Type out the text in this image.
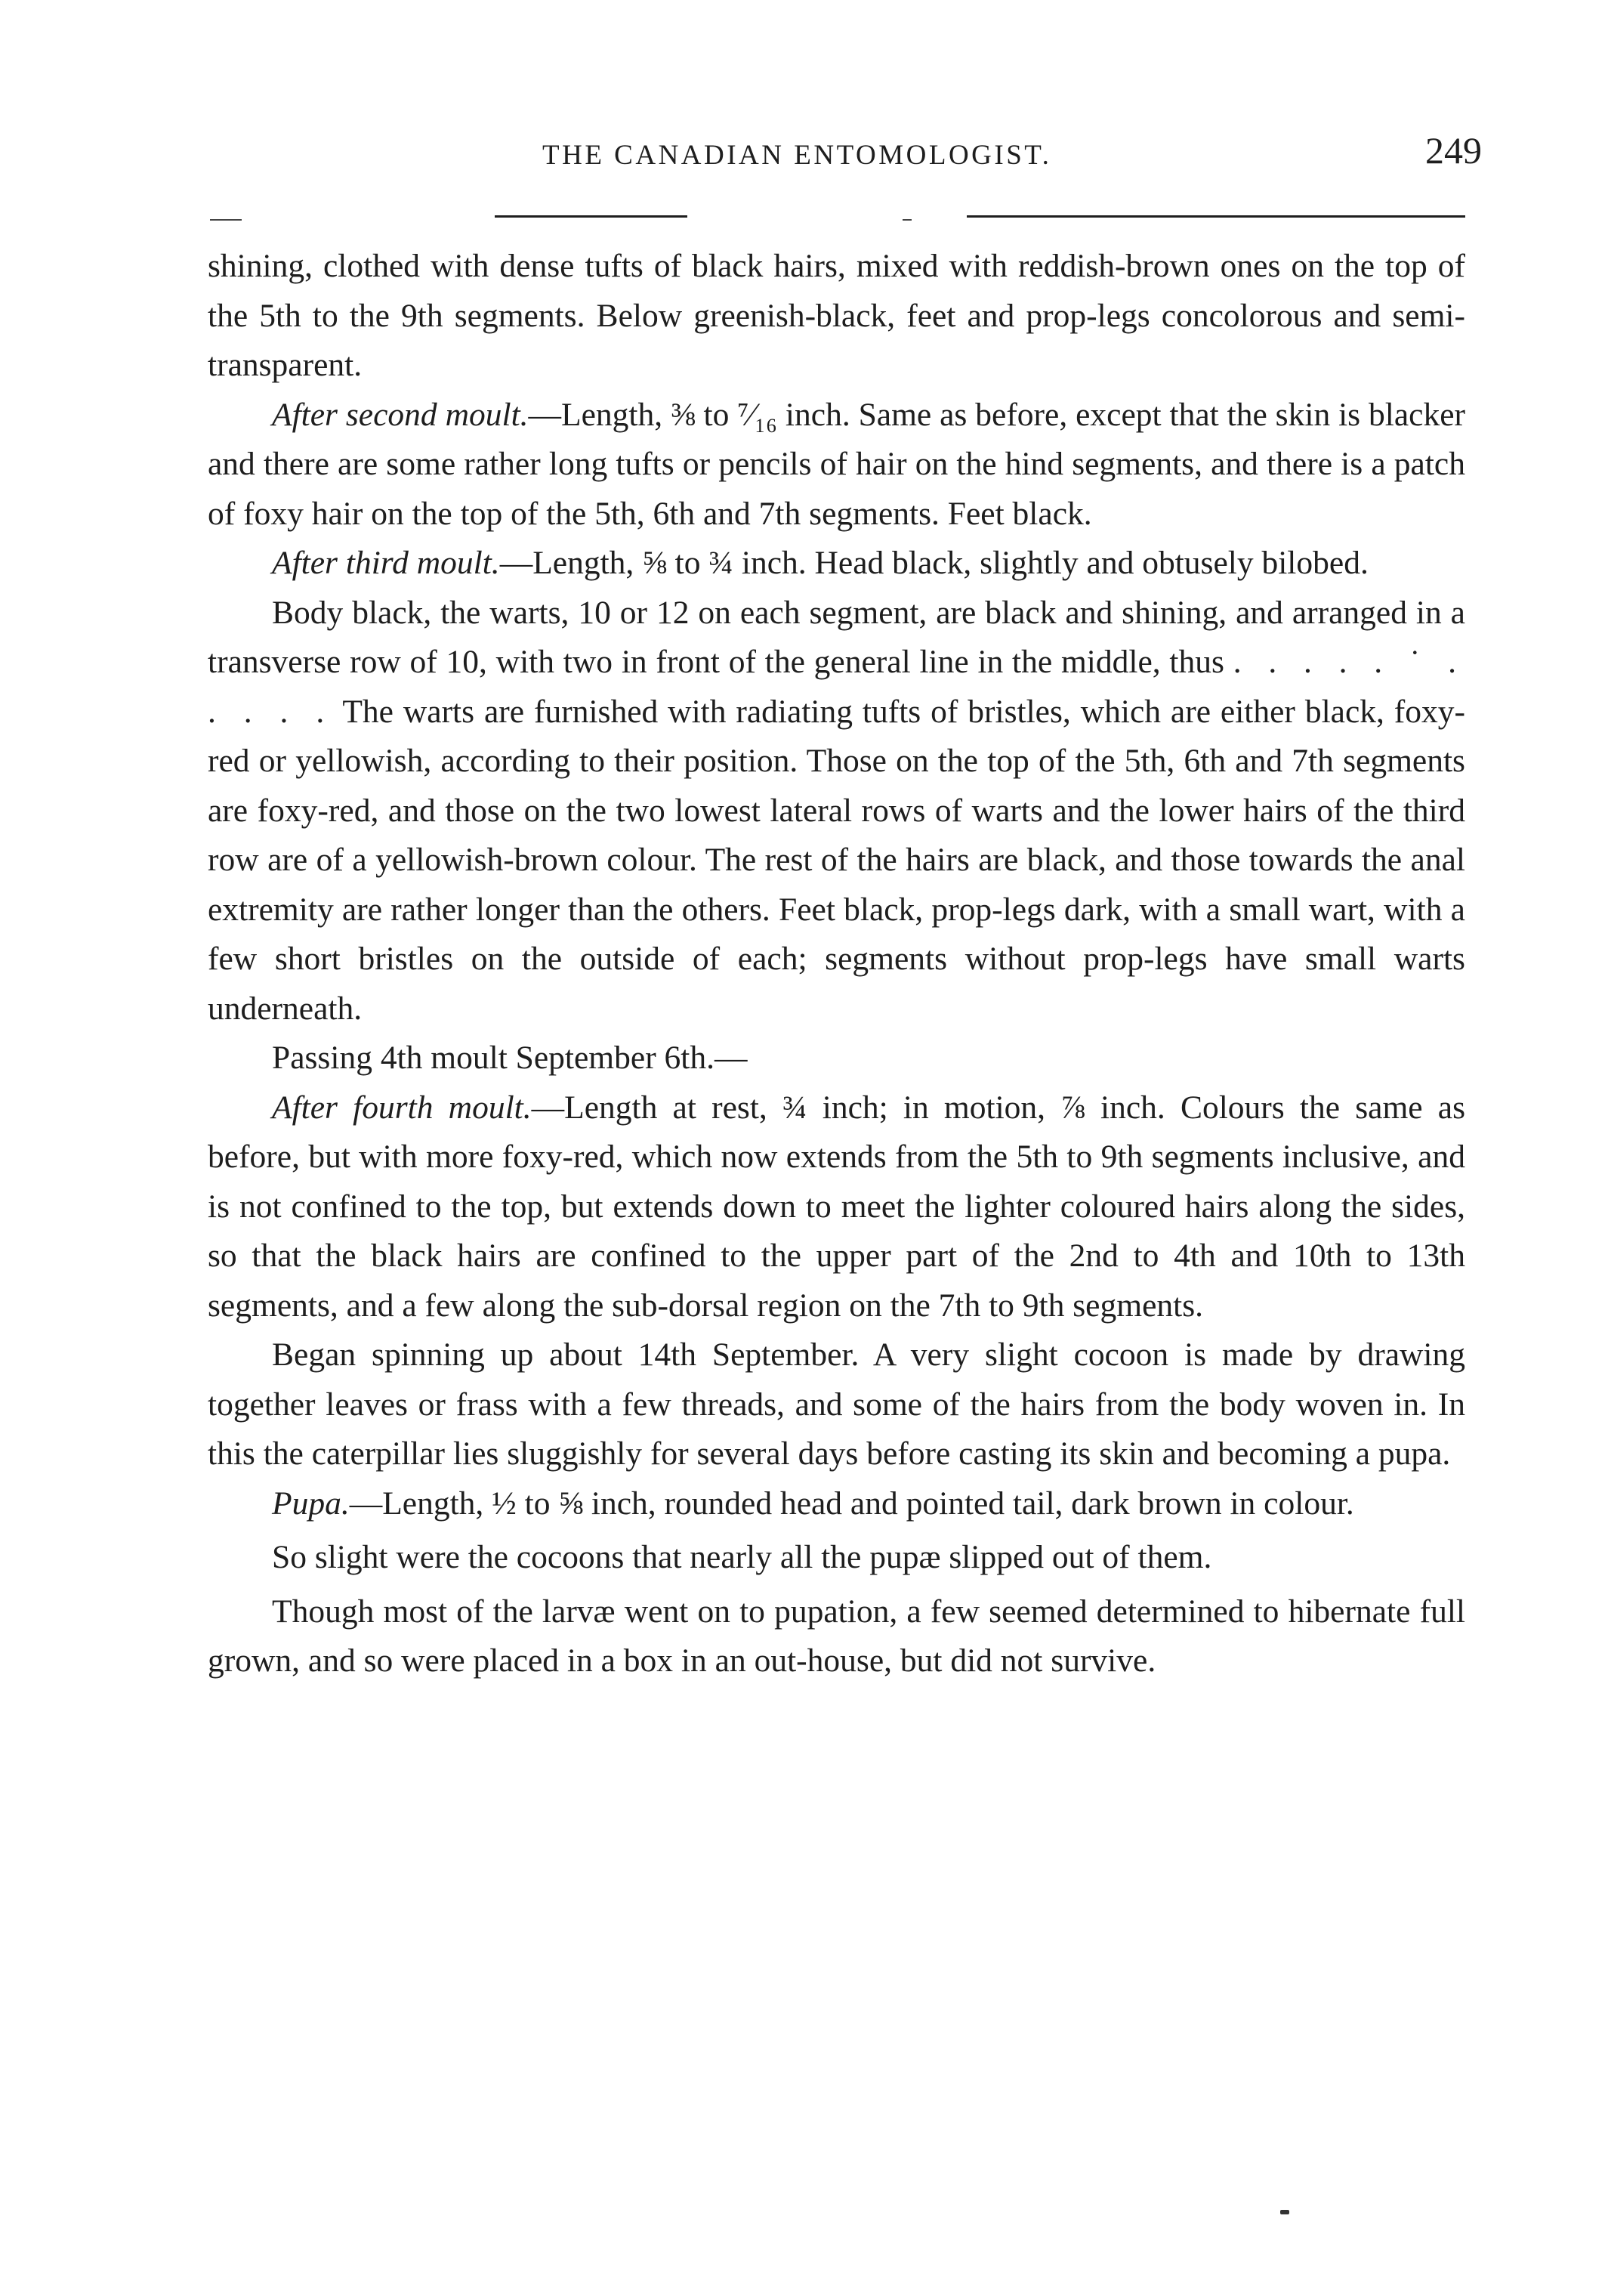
THE CANADIAN ENTOMOLOGIST.	249

shining, clothed with dense tufts of black hairs, mixed with reddish-brown ones on the top of the 5th to the 9th segments. Below greenish-black, feet and prop-legs concolorous and semi-transparent.

After second moult.—Length, ⅜ to ⁷⁄₁₆ inch. Same as before, except that the skin is blacker and there are some rather long tufts or pencils of hair on the hind segments, and there is a patch of foxy hair on the top of the 5th, 6th and 7th segments. Feet black.

After third moult.—Length, ⅝ to ¾ inch. Head black, slightly and obtusely bilobed.

Body black, the warts, 10 or 12 on each segment, are black and shining, and arranged in a transverse row of 10, with two in front of the general line in the middle, thus . . . . . ˙ . . . . . The warts are furnished with radiating tufts of bristles, which are either black, foxy-red or yellowish, according to their position. Those on the top of the 5th, 6th and 7th segments are foxy-red, and those on the two lowest lateral rows of warts and the lower hairs of the third row are of a yellowish-brown colour. The rest of the hairs are black, and those towards the anal extremity are rather longer than the others. Feet black, prop-legs dark, with a small wart, with a few short bristles on the outside of each; segments without prop-legs have small warts underneath.

Passing 4th moult September 6th.—

After fourth moult.—Length at rest, ¾ inch; in motion, ⅞ inch. Colours the same as before, but with more foxy-red, which now extends from the 5th to 9th segments inclusive, and is not confined to the top, but extends down to meet the lighter coloured hairs along the sides, so that the black hairs are confined to the upper part of the 2nd to 4th and 10th to 13th segments, and a few along the sub-dorsal region on the 7th to 9th segments.

Began spinning up about 14th September. A very slight cocoon is made by drawing together leaves or frass with a few threads, and some of the hairs from the body woven in. In this the caterpillar lies sluggishly for several days before casting its skin and becoming a pupa.

Pupa.—Length, ½ to ⅝ inch, rounded head and pointed tail, dark brown in colour.

So slight were the cocoons that nearly all the pupæ slipped out of them.

Though most of the larvæ went on to pupation, a few seemed determined to hibernate full grown, and so were placed in a box in an out-house, but did not survive.
